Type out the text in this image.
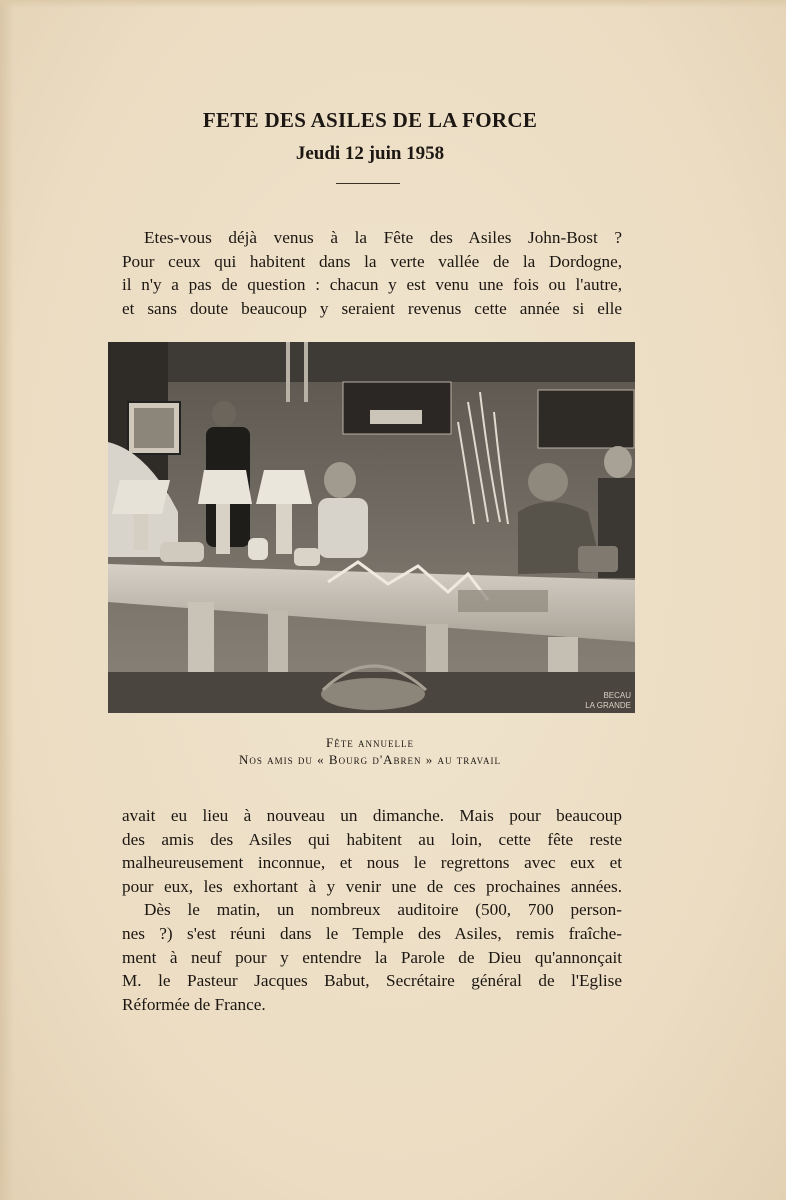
FETE DES ASILES DE LA FORCE
Jeudi 12 juin 1958
Etes-vous déjà venus à la Fête des Asiles John-Bost ?
Pour ceux qui habitent dans la verte vallée de la Dordogne,
il n'y a pas de question : chacun y est venu une fois ou l'autre,
et sans doute beaucoup y seraient revenus cette année si elle
BECAU
LA GRANDE
Fête annuelle
Nos amis du « Bourg d'Abren » au travail
avait eu lieu à nouveau un dimanche. Mais pour beaucoup
des amis des Asiles qui habitent au loin, cette fête reste
malheureusement inconnue, et nous le regrettons avec eux et
pour eux, les exhortant à y venir une de ces prochaines années.
Dès le matin, un nombreux auditoire (500, 700 person-
nes ?) s'est réuni dans le Temple des Asiles, remis fraîche-
ment à neuf pour y entendre la Parole de Dieu qu'annonçait
M. le Pasteur Jacques Babut, Secrétaire général de l'Eglise
Réformée de France.
